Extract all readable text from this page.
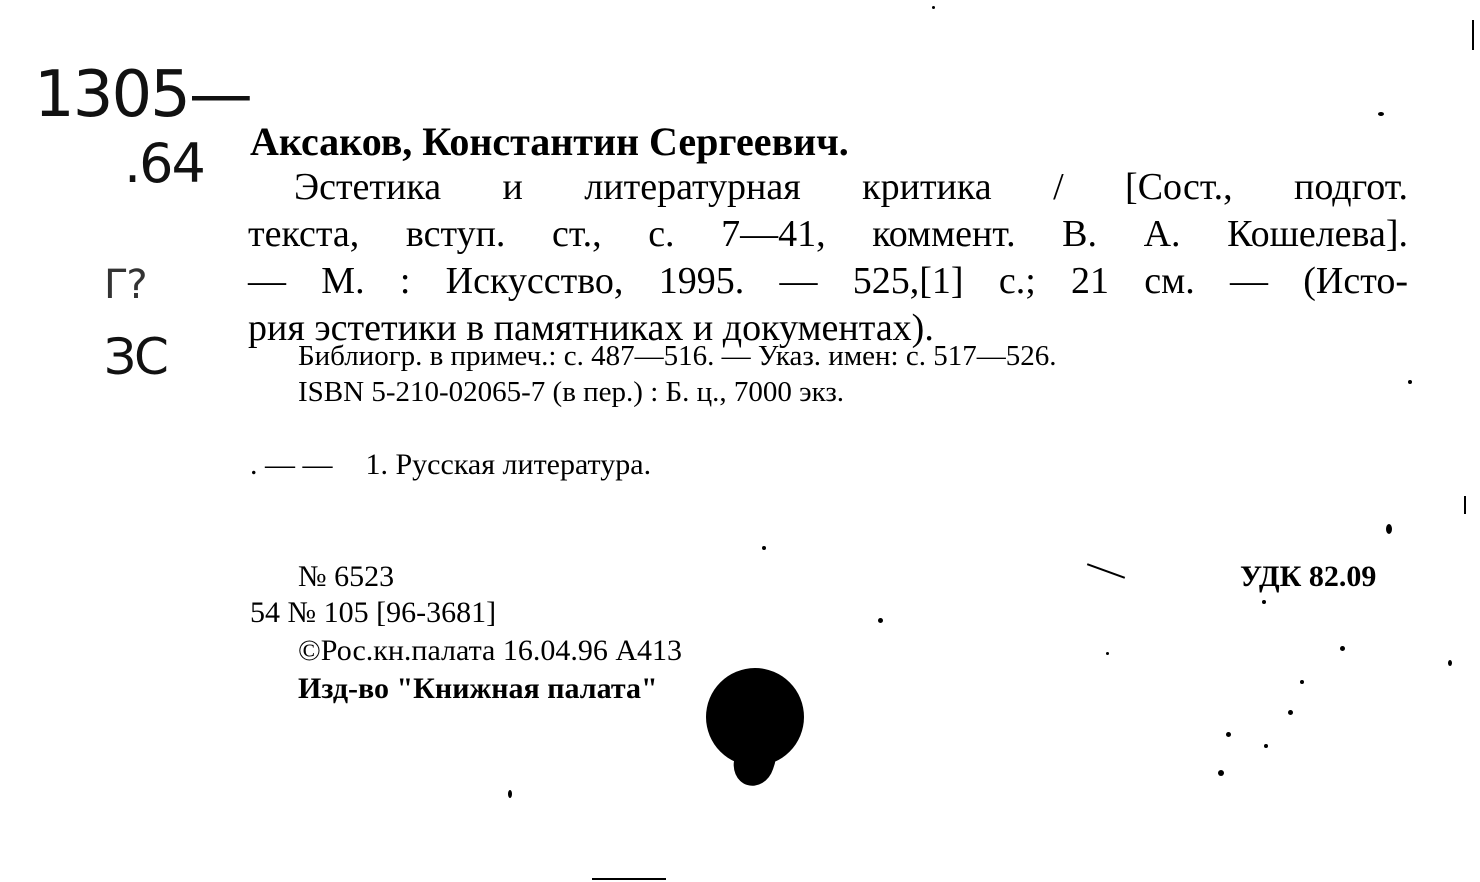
1305—
.64
Г?
ЗС
Аксаков, Константин Сергеевич.
Эстетика и литературная критика / [Сост., подгот.
текста, вступ. ст., с. 7—41, коммент. В. А. Кошелева].
— М. : Искусство, 1995. — 525,[1] с.; 21 см. — (Исто-
рия эстетики в памятниках и документах).
Библиогр. в примеч.: с. 487—516. — Указ. имен: с. 517—526.
ISBN 5-210-02065-7 (в пер.) : Б. ц., 7000 экз.
. — — 1. Русская литература.
№ 6523	УДК 82.09
54 № 105 [96-3681]
©Рос.кн.палата 16.04.96 А413
Изд-во "Книжная палата"
